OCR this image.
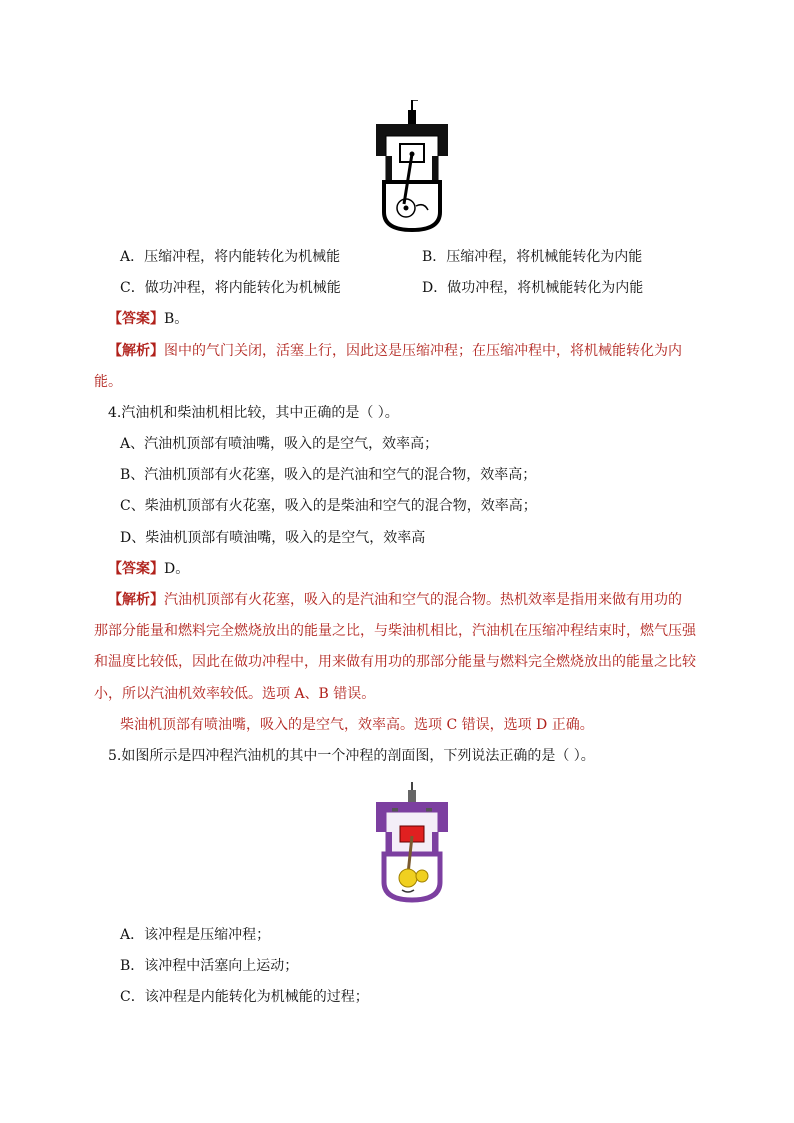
A．压缩冲程，将内能转化为机械能	B．压缩冲程，将机械能转化为内能
C．做功冲程，将内能转化为机械能	D．做功冲程，将机械能转化为内能
【答案】B。
【解析】图中的气门关闭，活塞上行，因此这是压缩冲程；在压缩冲程中，将机械能转化为内
能。
4.汽油机和柴油机相比较，其中正确的是（ ）。
A、汽油机顶部有喷油嘴，吸入的是空气，效率高；
B、汽油机顶部有火花塞，吸入的是汽油和空气的混合物，效率高；
C、柴油机顶部有火花塞，吸入的是柴油和空气的混合物，效率高；
D、柴油机顶部有喷油嘴，吸入的是空气，效率高
【答案】D。
【解析】汽油机顶部有火花塞，吸入的是汽油和空气的混合物。热机效率是指用来做有用功的
那部分能量和燃料完全燃烧放出的能量之比，与柴油机相比，汽油机在压缩冲程结束时，燃气压强
和温度比较低，因此在做功冲程中，用来做有用功的那部分能量与燃料完全燃烧放出的能量之比较
小，所以汽油机效率较低。选项 A、B 错误。
柴油机顶部有喷油嘴，吸入的是空气，效率高。选项 C 错误，选项 D 正确。
5.如图所示是四冲程汽油机的其中一个冲程的剖面图，下列说法正确的是（ ）。
A．该冲程是压缩冲程；
B．该冲程中活塞向上运动；
C．该冲程是内能转化为机械能的过程；
